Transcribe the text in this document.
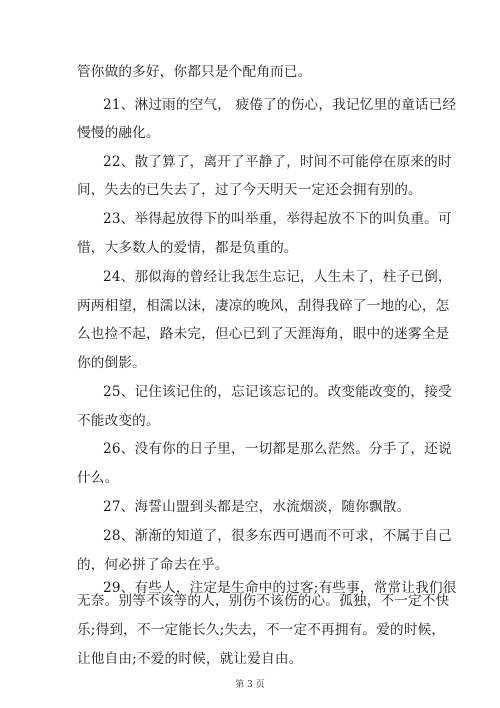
管你做的多好，你都只是个配角而已。
21、淋过雨的空气， 疲倦了的伤心，我记忆里的童话已经
慢慢的融化。
22、散了算了，离开了平静了，时间不可能停在原来的时
间，失去的已失去了，过了今天明天一定还会拥有别的。
23、举得起放得下的叫举重，举得起放不下的叫负重。可
惜，大多数人的爱情，都是负重的。
24、那似海的曾经让我怎生忘记，人生未了，柱子已倒，
两两相望，相濡以沫，凄凉的晚风，刮得我碎了一地的心，怎
么也捡不起，路未完，但心已到了天涯海角，眼中的迷雾全是
你的倒影。
25、记住该记住的，忘记该忘记的。改变能改变的，接受
不能改变的。
26、没有你的日子里，一切都是那么茫然。分手了，还说
什么。
27、海誓山盟到头都是空，水流烟淡，随你飘散。
28、渐渐的知道了，很多东西可遇而不可求，不属于自己
的，何必拼了命去在乎。
29、有些人，注定是生命中的过客;有些事，常常让我们很
无奈。别等不该等的人，别伤不该伤的心。孤独，不一定不快
乐;得到，不一定能长久;失去，不一定不再拥有。爱的时候，
让他自由;不爱的时候，就让爱自由。
第 3 页
